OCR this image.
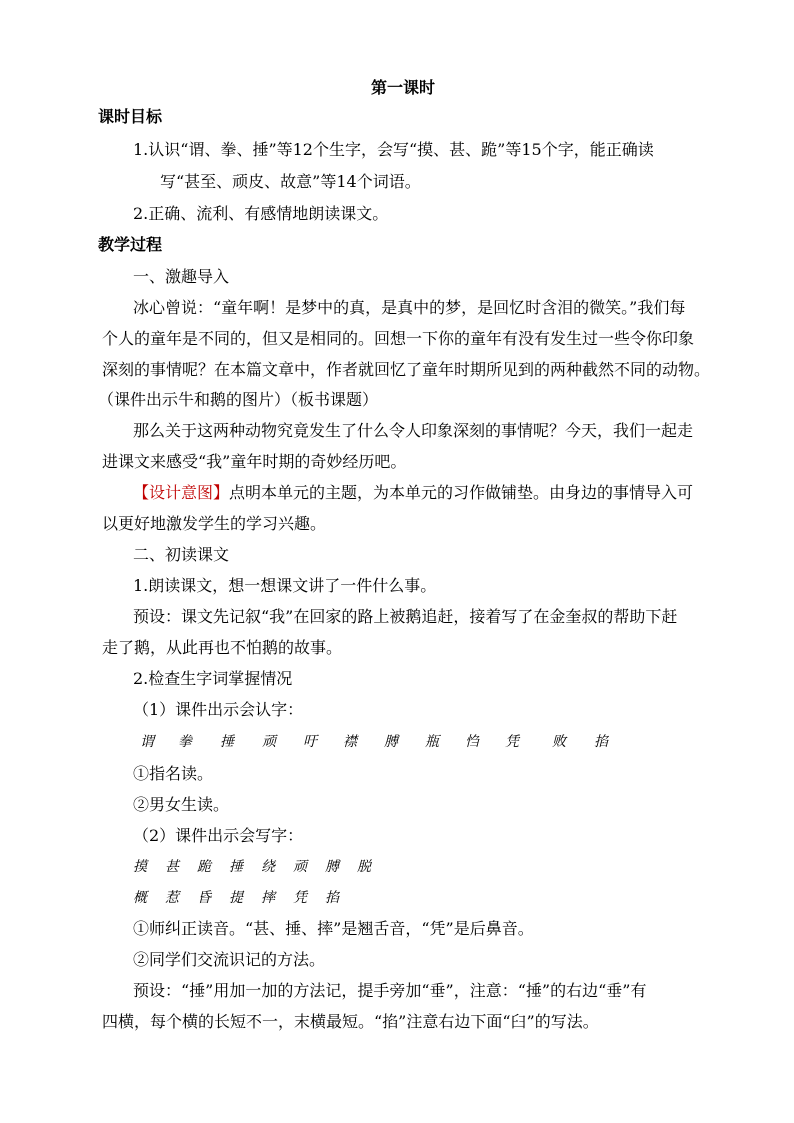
第一课时
课时目标
1.认识“谓、拳、捶”等12个生字，会写“摸、甚、跪”等15个字，能正确读
写“甚至、顽皮、故意”等14个词语。
2.正确、流利、有感情地朗读课文。
教学过程
一、激趣导入
冰心曾说：“童年啊！是梦中的真，是真中的梦，是回忆时含泪的微笑。”我们每
个人的童年是不同的，但又是相同的。回想一下你的童年有没有发生过一些令你印象
深刻的事情呢？在本篇文章中，作者就回忆了童年时期所见到的两种截然不同的动物。
（课件出示牛和鹅的图片）（板书课题）
那么关于这两种动物究竟发生了什么令人印象深刻的事情呢？今天，我们一起走
进课文来感受“我”童年时期的奇妙经历吧。
【设计意图】点明本单元的主题，为本单元的习作做铺垫。由身边的事情导入可
以更好地激发学生的学习兴趣。
二、初读课文
1.朗读课文，想一想课文讲了一件什么事。
预设：课文先记叙“我”在回家的路上被鹅追赶，接着写了在金奎叔的帮助下赶
走了鹅，从此再也不怕鹅的故事。
2.检查生字词掌握情况
（1）课件出示会认字：
谓 拳 捶 顽 吁 襟 膊 瓶 㤘 凭 败 掐
①指名读。
②男女生读。
（2）课件出示会写字：
摸 甚 跪 捶 绕 顽 膊 脱
概 惹 昏 提 摔 凭 掐
①师纠正读音。“甚、捶、摔”是翘舌音，“凭”是后鼻音。
②同学们交流识记的方法。
预设：“捶”用加一加的方法记，提手旁加“垂”，注意：“捶”的右边“垂”有
四横，每个横的长短不一，末横最短。“掐”注意右边下面“臼”的写法。
